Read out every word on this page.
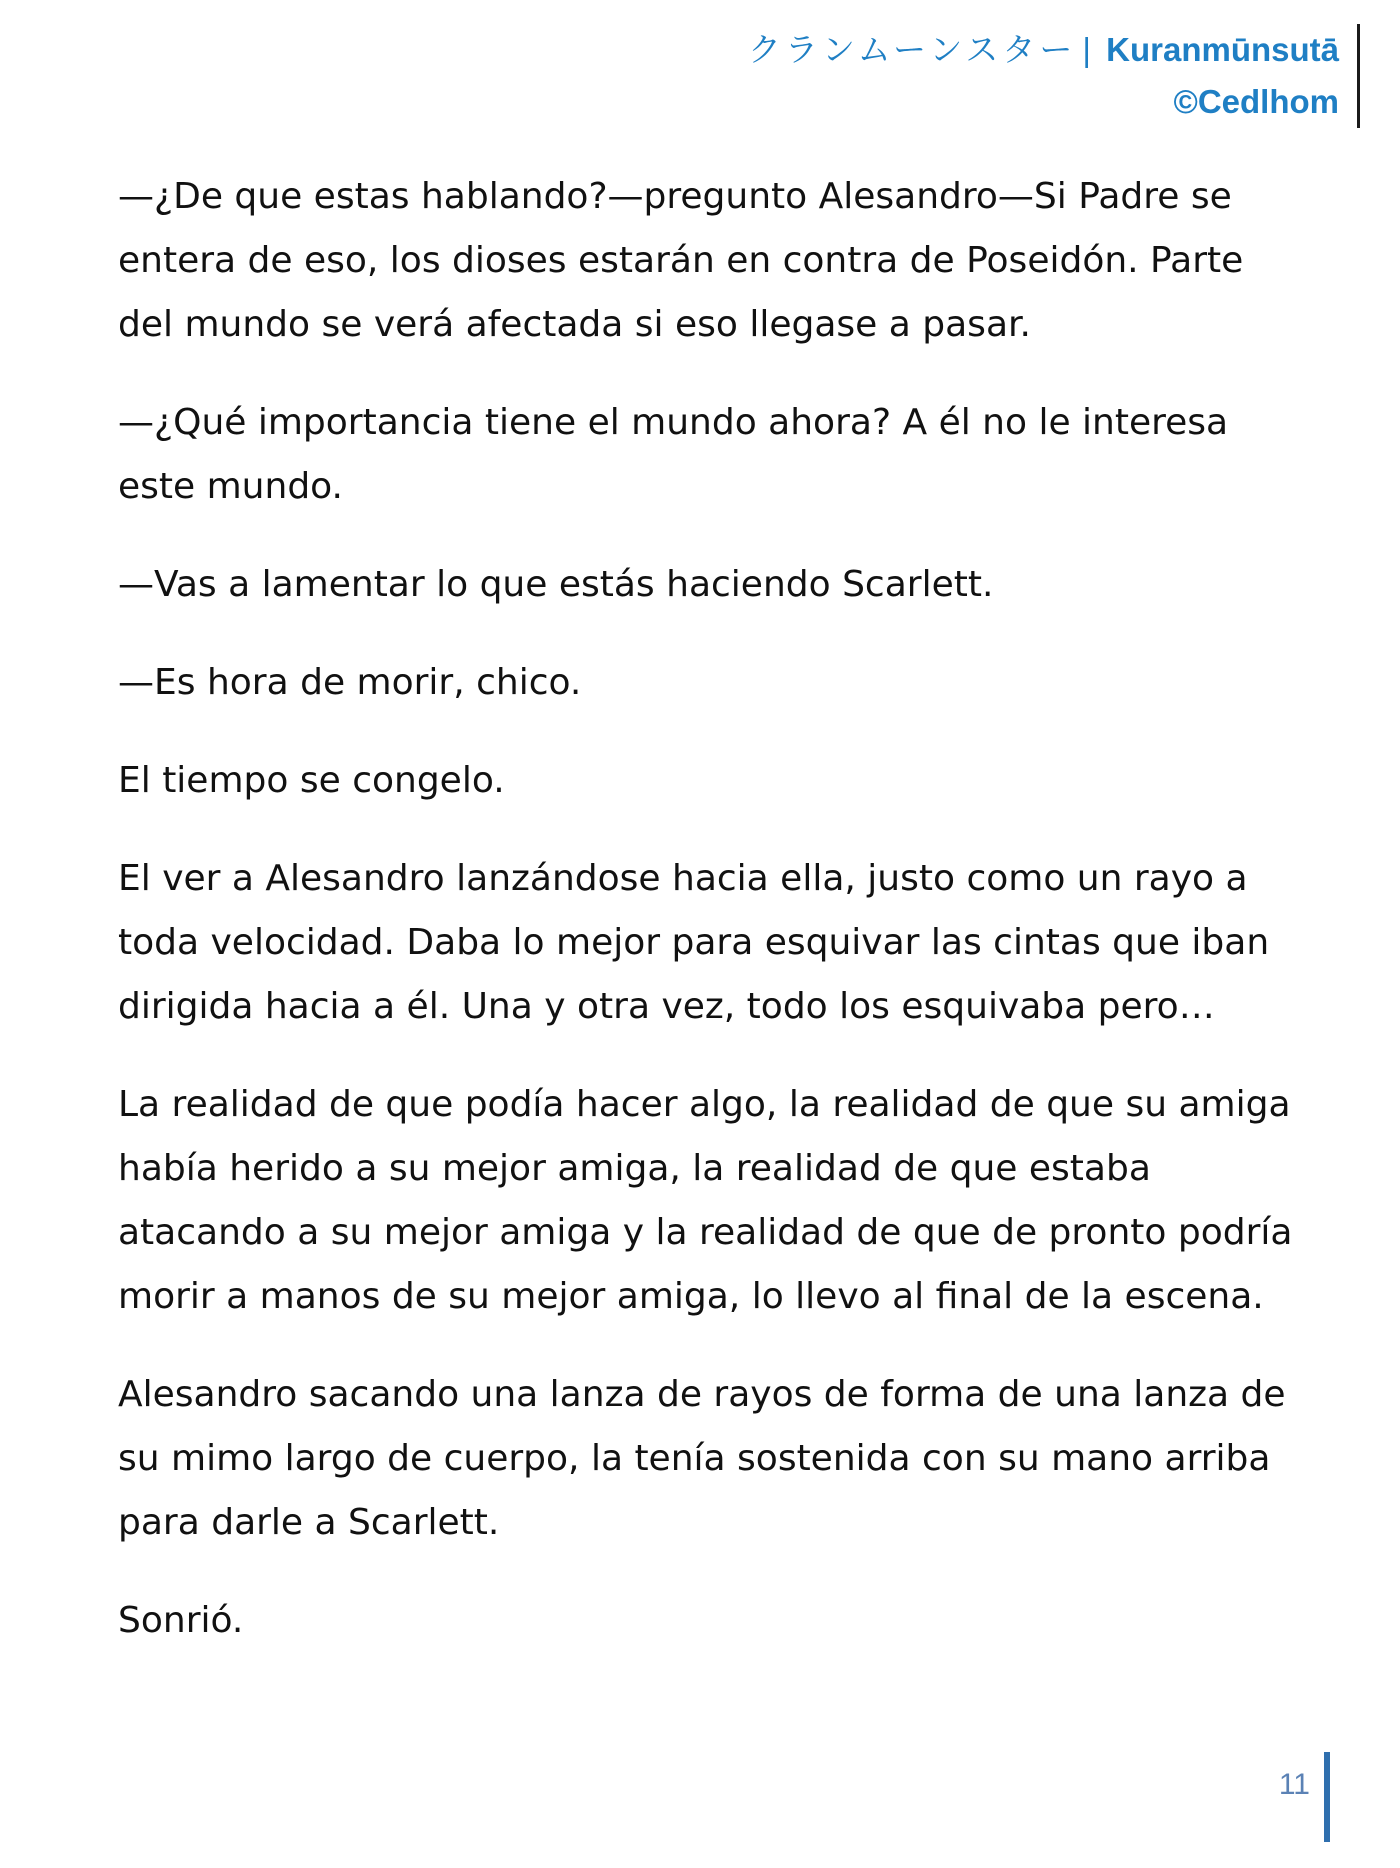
クランムーンスター | Kuranmūnsutā
©Cedlhom

—¿De que estas hablando?—pregunto Alesandro—Si Padre se entera de eso, los dioses estarán en contra de Poseidón. Parte del mundo se verá afectada si eso llegase a pasar.

—¿Qué importancia tiene el mundo ahora? A él no le interesa este mundo.

—Vas a lamentar lo que estás haciendo Scarlett.

—Es hora de morir, chico.

El tiempo se congelo.

El ver a Alesandro lanzándose hacia ella, justo como un rayo a toda velocidad. Daba lo mejor para esquivar las cintas que iban dirigida hacia a él. Una y otra vez, todo los esquivaba pero…

La realidad de que podía hacer algo, la realidad de que su amiga había herido a su mejor amiga, la realidad de que estaba atacando a su mejor amiga y la realidad de que de pronto podría morir a manos de su mejor amiga, lo llevo al final de la escena.

Alesandro sacando una lanza de rayos de forma de una lanza de su mimo largo de cuerpo, la tenía sostenida con su mano arriba para darle a Scarlett.

Sonrió.

11
